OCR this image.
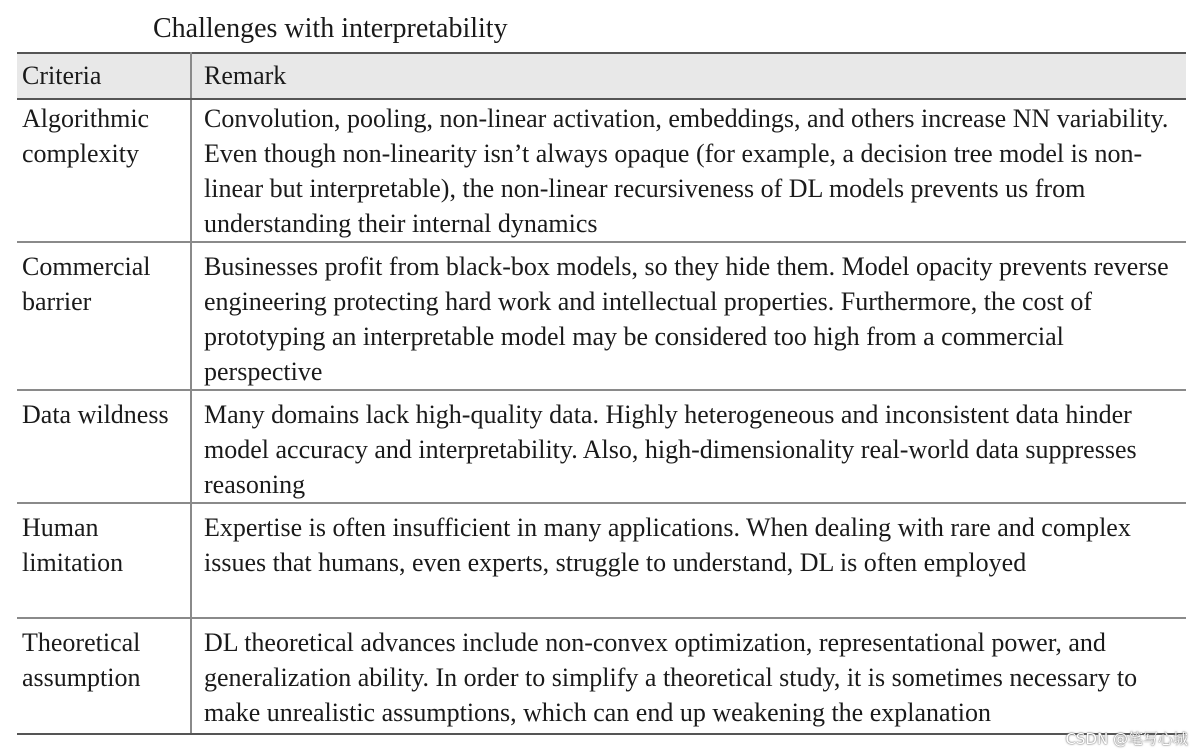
Challenges with interpretability
Criteria	Remark
Algorithmic complexity	Convolution, pooling, non-linear activation, embeddings, and others increase NN variability. Even though non-linearity isn’t always opaque (for example, a decision tree model is non-linear but interpretable), the non-linear recursiveness of DL models prevents us from understanding their internal dynamics
Commercial barrier	Businesses profit from black-box models, so they hide them. Model opacity prevents reverse engineering protecting hard work and intellectual properties. Furthermore, the cost of prototyping an interpretable model may be considered too high from a commercial perspective
Data wildness	Many domains lack high-quality data. Highly heterogeneous and inconsistent data hinder model accuracy and interpretability. Also, high-dimensionality real-world data suppresses reasoning
Human limitation	Expertise is often insufficient in many applications. When dealing with rare and complex issues that humans, even experts, struggle to understand, DL is often employed
Theoretical assumption	DL theoretical advances include non-convex optimization, representational power, and generalization ability. In order to simplify a theoretical study, it is sometimes necessary to make unrealistic assumptions, which can end up weakening the explanation
CSDN @笔写心城
